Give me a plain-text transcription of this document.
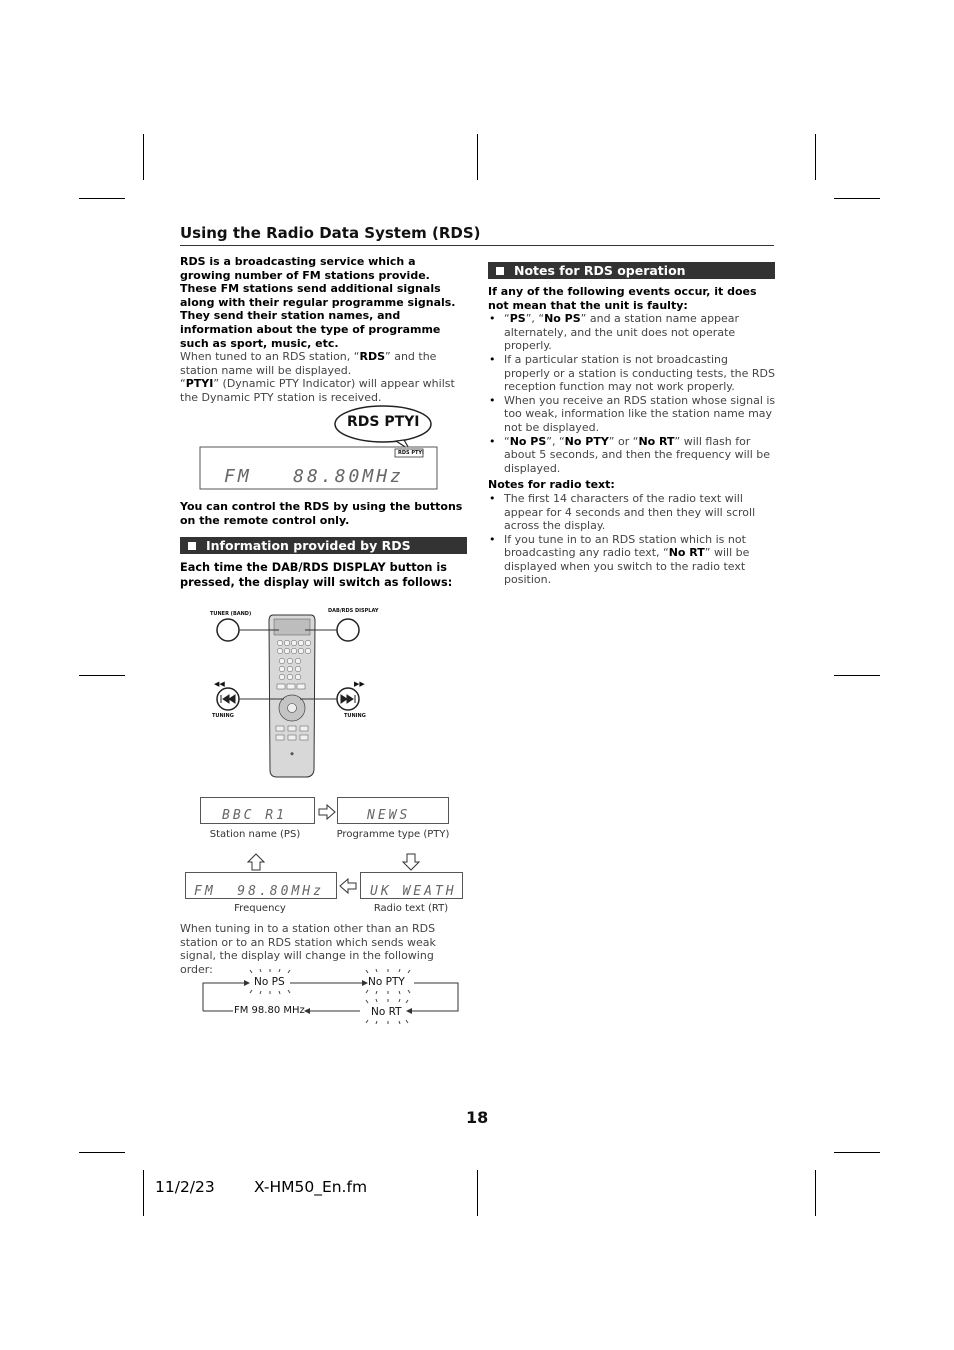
Using the Radio Data System (RDS)
RDS is a broadcasting service which a growing number of FM stations provide. These FM stations send additional signals along with their regular programme signals. They send their station names, and information about the type of programme such as sport, music, etc.
When tuned to an RDS station, “RDS” and the station name will be displayed.
“PTYI” (Dynamic PTY Indicator) will appear whilst the Dynamic PTY station is received.
RDS PTYI
RDS PTYI
FM   88.80MHz
You can control the RDS by using the buttons on the remote control only.
Information provided by RDS
Each time the DAB/RDS DISPLAY button is pressed, the display will switch as follows:
◆
TUNER (BAND)	DAB/RDS DISPLAY
◀◀	▶▶
TUNING	TUNING
BBC R1
Station name (PS)
NEWS
Programme type (PTY)
FM  98.80MHz
Frequency
UK WEATH
Radio text (RT)
When tuning in to a station other than an RDS station or to an RDS station which sends weak signal, the display will change in the following order:
No PS	No PTY
FM 98.80 MHz	No RT
Notes for RDS operation
If any of the following events occur, it does not mean that the unit is faulty:
• “PS”, “No PS” and a station name appear alternately, and the unit does not operate properly.
• If a particular station is not broadcasting properly or a station is conducting tests, the RDS reception function may not work properly.
• When you receive an RDS station whose signal is too weak, information like the station name may not be displayed.
• “No PS”, “No PTY” or “No RT” will flash for about 5 seconds, and then the frequency will be displayed.
Notes for radio text:
• The first 14 characters of the radio text will appear for 4 seconds and then they will scroll across the display.
• If you tune in to an RDS station which is not broadcasting any radio text, “No RT” will be displayed when you switch to the radio text position.
18
11/2/23	X-HM50_En.fm
